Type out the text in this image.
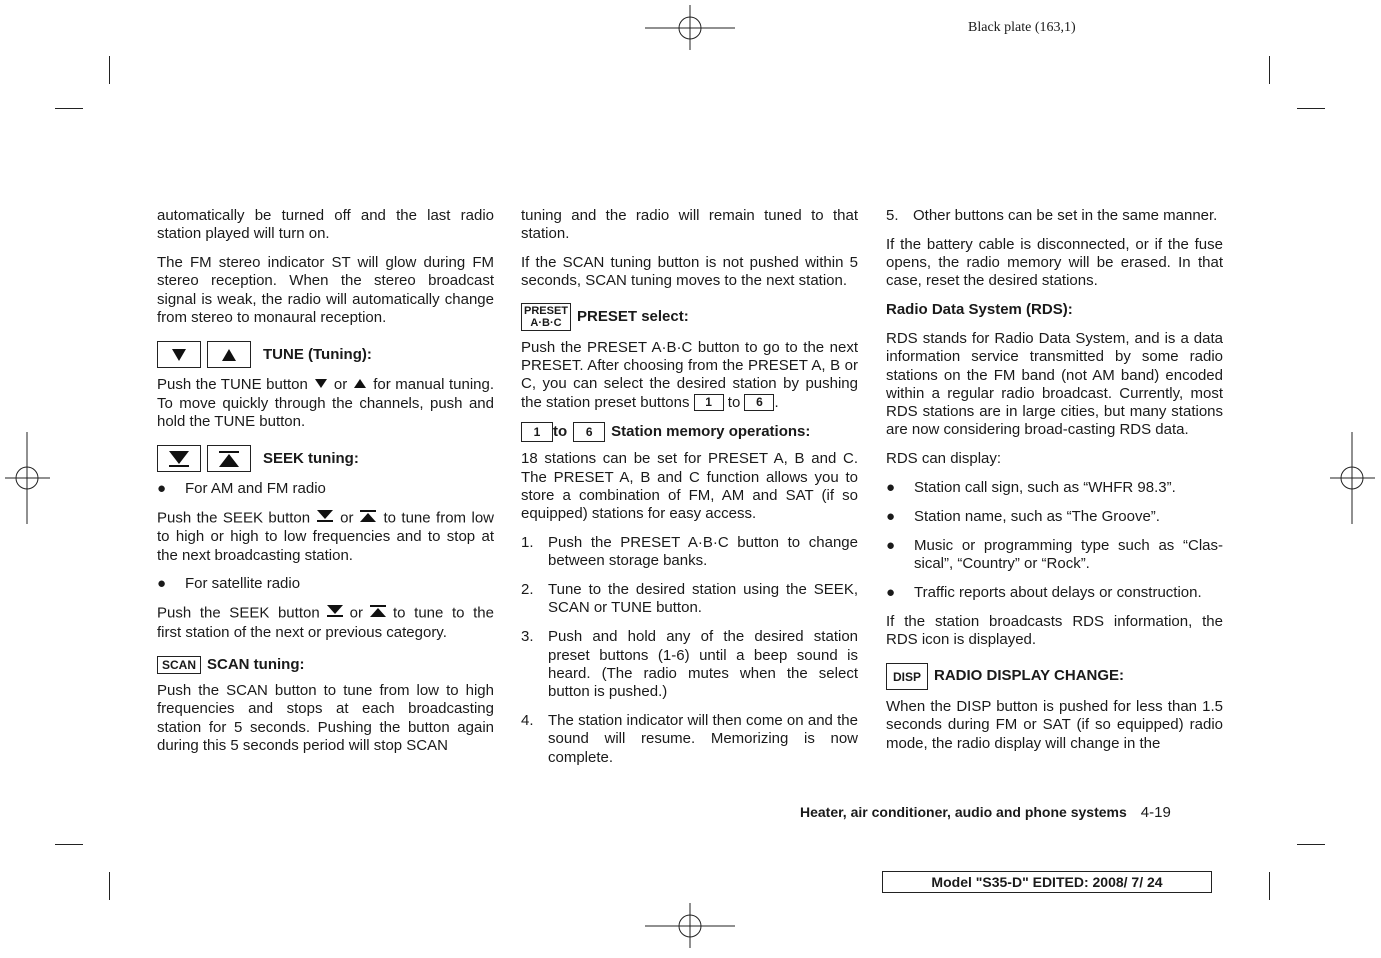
Black plate (163,1)

automatically be turned off and the last radio station played will turn on.

The FM stereo indicator ST will glow during FM stereo reception. When the stereo broadcast signal is weak, the radio will automatically change from stereo to monaural reception.

TUNE (Tuning):

Push the TUNE button or for manual tuning. To move quickly through the channels, push and hold the TUNE button.

SEEK tuning:
●	For AM and FM radio

Push the SEEK button or to tune from low to high or high to low frequencies and to stop at the next broadcasting station.

●	For satellite radio

Push the SEEK button or to tune to the first station of the next or previous category.

SCAN SCAN tuning:

Push the SCAN button to tune from low to high frequencies and stops at each broadcasting station for 5 seconds. Pushing the button again during this 5 seconds period will stop SCAN

tuning and the radio will remain tuned to that station.

If the SCAN tuning button is not pushed within 5 seconds, SCAN tuning moves to the next station.

PRESET
A·B·C PRESET select:

Push the PRESET A·B·C button to go to the next PRESET. After choosing from the PRESET A, B or C, you can select the desired station by pushing the station preset buttons 1 to 6 .

1 to	6	Station memory operations:

18 stations can be set for PRESET A, B and C. The PRESET A, B and C function allows you to store a combination of FM, AM and SAT (if so equipped) stations for easy access.

1. Push the PRESET A·B·C button to change between storage banks.
2. Tune to the desired station using the SEEK, SCAN or TUNE button.
3. Push and hold any of the desired station preset buttons (1-6) until a beep sound is heard. (The radio mutes when the select button is pushed.)
4. The station indicator will then come on and the sound will resume. Memorizing is now complete.
5. Other buttons can be set in the same manner.

If the battery cable is disconnected, or if the fuse opens, the radio memory will be erased. In that case, reset the desired stations.

Radio Data System (RDS):

RDS stands for Radio Data System, and is a data information service transmitted by some radio stations on the FM band (not AM band) encoded within a regular radio broadcast. Currently, most RDS stations are in large cities, but many stations are now considering broad-casting RDS data.

RDS can display:

●	Station call sign, such as “WHFR 98.3”.
●	Station name, such as “The Groove”.
●	Music or programming type such as “Clas-sical”, “Country” or “Rock”.
●	Traffic reports about delays or construction.

If the station broadcasts RDS information, the RDS icon is displayed.

DISP RADIO DISPLAY CHANGE:

When the DISP button is pushed for less than 1.5 seconds during FM or SAT (if so equipped) radio mode, the radio display will change in the

Heater, air conditioner, audio and phone systems 4-19
Model "S35-D" EDITED: 2008/ 7/ 24
